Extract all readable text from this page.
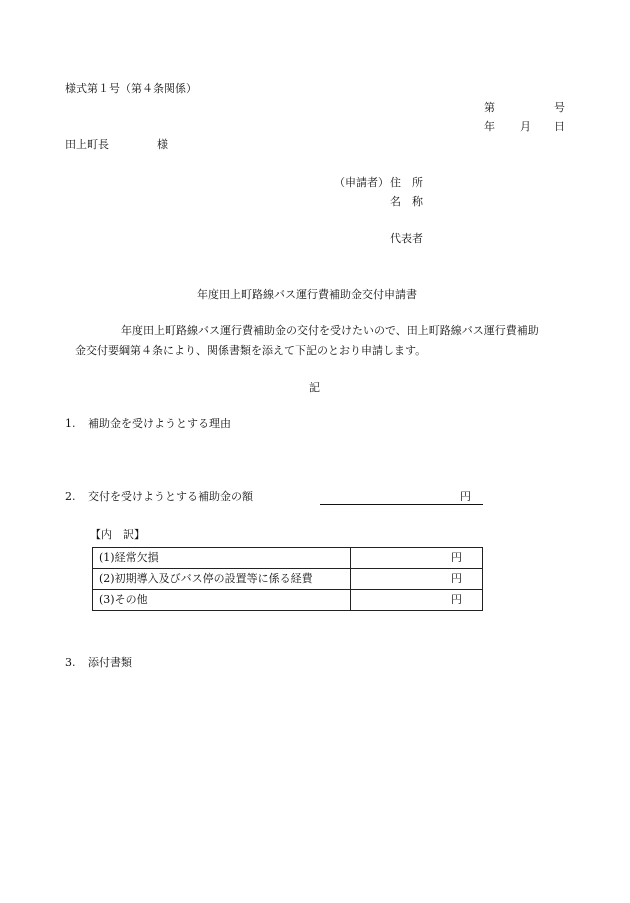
様式第１号（第４条関係）
第	号
年 月 日
田上町長	様
（申請者） 住　所
名　称
代表者
年度田上町路線バス運行費補助金交付申請書
年度田上町路線バス運行費補助金の交付を受けたいので、田上町路線バス運行費補助
金交付要綱第４条により、関係書類を添えて下記のとおり申請します。
記
1. 補助金を受けようとする理由
2. 交付を受けようとする補助金の額	円
【内　訳】
(1)経常欠損	円
(2)初期導入及びバス停の設置等に係る経費	円
(3)その他	円
3. 添付書類
